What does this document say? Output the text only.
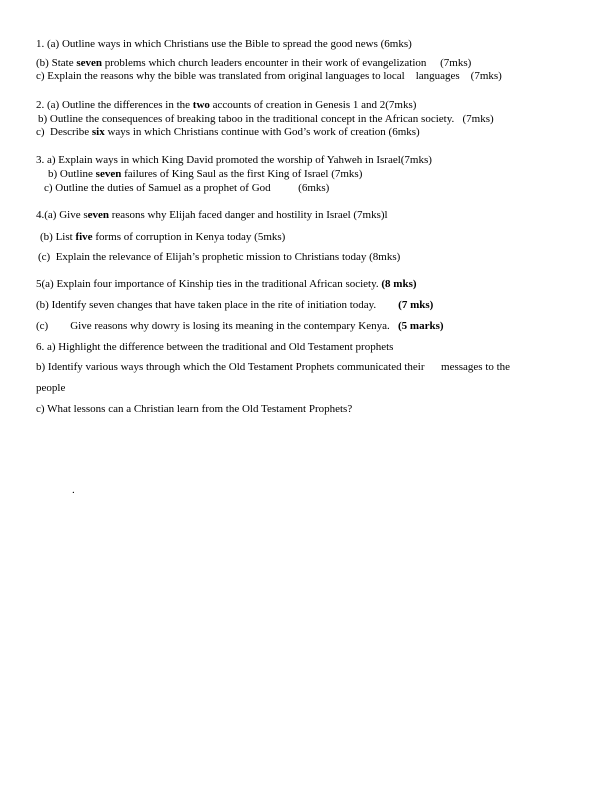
1. (a) Outline ways in which Christians use the Bible to spread the good news (6mks)
(b) State seven problems which church leaders encounter in their work of evangelization     (7mks)
c) Explain the reasons why the bible was translated from original languages to local    languages    (7mks)
2. (a) Outline the differences in the two accounts of creation in Genesis 1 and 2(7mks)
b) Outline the consequences of breaking taboo in the traditional concept in the African society.   (7mks)
c)  Describe six ways in which Christians continue with God’s work of creation (6mks)
3. a) Explain ways in which King David promoted the worship of Yahweh in Israel(7mks)
b) Outline seven failures of King Saul as the first King of Israel (7mks)
c) Outline the duties of Samuel as a prophet of God          (6mks)
4.(a) Give seven reasons why Elijah faced danger and hostility in Israel (7mks)l
(b) List five forms of corruption in Kenya today (5mks)
(c)  Explain the relevance of Elijah’s prophetic mission to Christians today (8mks)
5(a) Explain four importance of Kinship ties in the traditional African society. (8 mks)
(b) Identify seven changes that have taken place in the rite of initiation today.        (7 mks)
(c)        Give reasons why dowry is losing its meaning in the contempary Kenya.   (5 marks)
6. a) Highlight the difference between the traditional and Old Testament prophets
b) Identify various ways through which the Old Testament Prophets communicated their      messages to the
people
c) What lessons can a Christian learn from the Old Testament Prophets?
.
